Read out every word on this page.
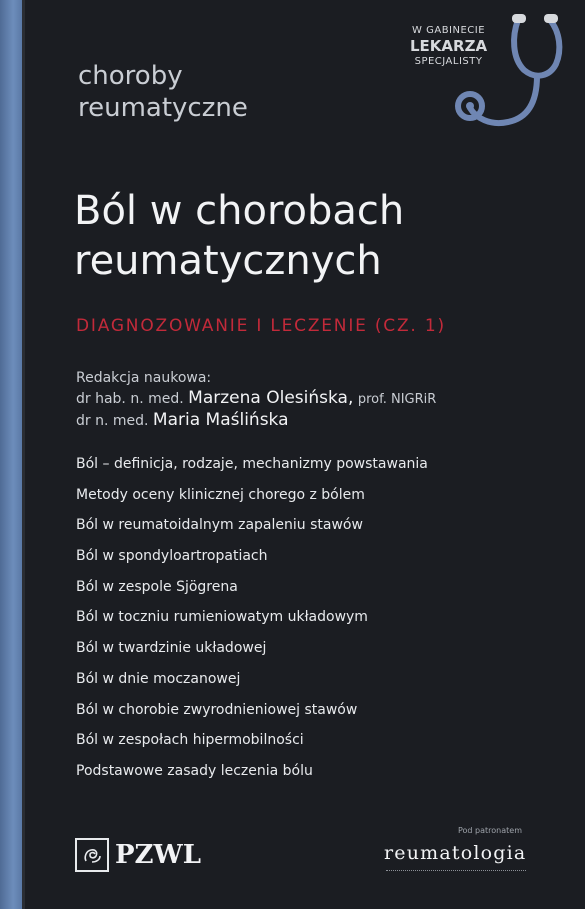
choroby
reumatyczne
W GABINECIE
LEKARZA
SPECJALISTY
Ból w chorobach
reumatycznych
DIAGNOZOWANIE I LECZENIE (CZ. 1)
Redakcja naukowa:
dr hab. n. med. Marzena Olesińska, prof. NIGRiR
dr n. med. Maria Maślińska
Ból – definicja, rodzaje, mechanizmy powstawania
Metody oceny klinicznej chorego z bólem
Ból w reumatoidalnym zapaleniu stawów
Ból w spondyloartropatiach
Ból w zespole Sjögrena
Ból w toczniu rumieniowatym układowym
Ból w twardzinie układowej
Ból w dnie moczanowej
Ból w chorobie zwyrodnieniowej stawów
Ból w zespołach hipermobilności
Podstawowe zasady leczenia bólu
PZWL
Pod patronatem
reumatologia
